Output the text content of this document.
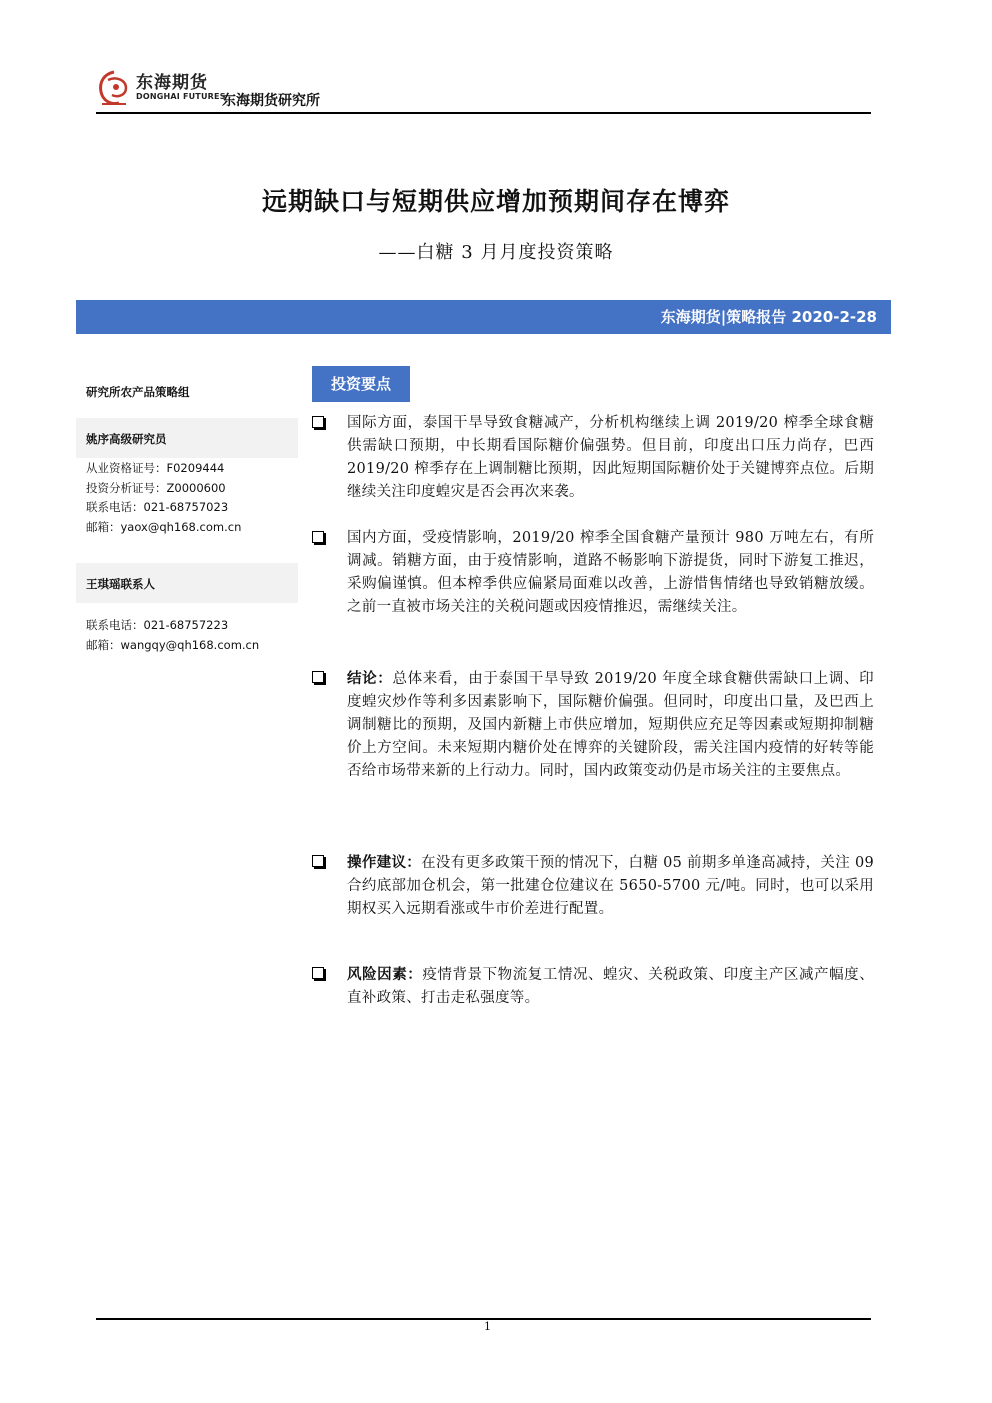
东海期货
DONGHAI FUTURES
东海期货研究所
远期缺口与短期供应增加预期间存在博弈
——白糖 3 月月度投资策略
东海期货|策略报告 2020-2-28
研究所农产品策略组
姚序高级研究员
从业资格证号：F0209444
投资分析证号：Z0000600
联系电话：021-68757023
邮箱：yaox@qh168.com.cn
王琪瑶联系人
联系电话：021-68757223
邮箱：wangqy@qh168.com.cn
投资要点
国际方面，泰国干旱导致食糖减产，分析机构继续上调 2019/20 榨季全球食糖供需缺口预期，中长期看国际糖价偏强势。但目前，印度出口压力尚存，巴西 2019/20 榨季存在上调制糖比预期，因此短期国际糖价处于关键博弈点位。后期继续关注印度蝗灾是否会再次来袭。
国内方面，受疫情影响，2019/20 榨季全国食糖产量预计 980 万吨左右，有所调减。销糖方面，由于疫情影响，道路不畅影响下游提货，同时下游复工推迟，采购偏谨慎。但本榨季供应偏紧局面难以改善，上游惜售情绪也导致销糖放缓。之前一直被市场关注的关税问题或因疫情推迟，需继续关注。
结论：总体来看，由于泰国干旱导致 2019/20 年度全球食糖供需缺口上调、印度蝗灾炒作等利多因素影响下，国际糖价偏强。但同时，印度出口量，及巴西上调制糖比的预期，及国内新糖上市供应增加，短期供应充足等因素或短期抑制糖价上方空间。未来短期内糖价处在博弈的关键阶段，需关注国内疫情的好转等能否给市场带来新的上行动力。同时，国内政策变动仍是市场关注的主要焦点。
操作建议：在没有更多政策干预的情况下，白糖 05 前期多单逢高减持，关注 09 合约底部加仓机会，第一批建仓位建议在 5650-5700 元/吨。同时，也可以采用期权买入远期看涨或牛市价差进行配置。
风险因素：疫情背景下物流复工情况、蝗灾、关税政策、印度主产区减产幅度、直补政策、打击走私强度等。
1
